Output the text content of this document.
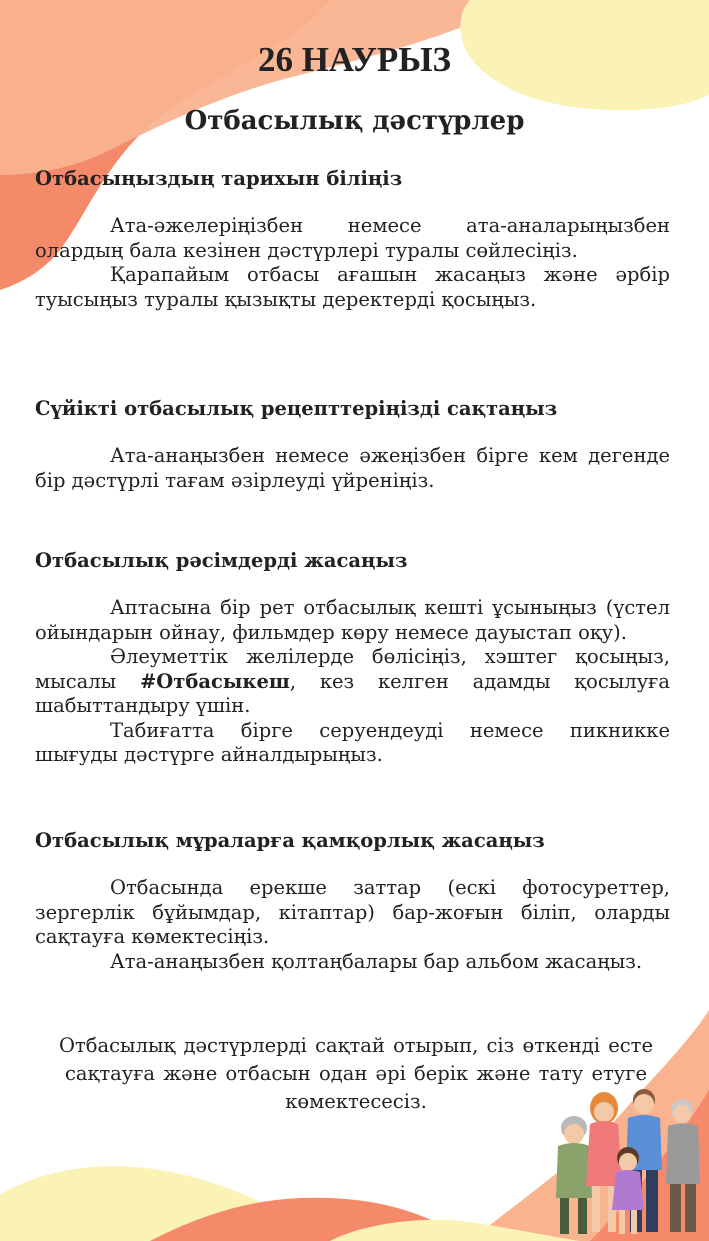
26 НАУРЫЗ
Отбасылық дәстүрлер
Отбасыңыздың тарихын біліңіз

Ата-әжелеріңізбен немесе ата-аналарыңызбен олардың бала кезінен дәстүрлері туралы сөйлесіңіз.

Қарапайым отбасы ағашын жасаңыз және әрбір туысыңыз туралы қызықты деректерді қосыңыз.

Сүйікті отбасылық рецепттеріңізді сақтаңыз

Ата-анаңызбен немесе әжеңізбен бірге кем дегенде бір дәстүрлі тағам әзірлеуді үйреніңіз.

Отбасылық рәсімдерді жасаңыз

Аптасына бір рет отбасылық кешті ұсыныңыз (үстел ойындарын ойнау, фильмдер көру немесе дауыстап оқу).

Әлеуметтік желілерде бөлісіңіз, хэштег қосыңыз, мысалы #Отбасыкеш, кез келген адамды қосылуға шабыттандыру үшін.

Табиғатта бірге серуендеуді немесе пикникке шығуды дәстүрге айналдырыңыз.

Отбасылық мұраларға қамқорлық жасаңыз

Отбасында ерекше заттар (ескі фотосуреттер, зергерлік бұйымдар, кітаптар) бар-жоғын біліп, оларды сақтауға көмектесіңіз.

Ата-анаңызбен қолтаңбалары бар альбом жасаңыз.

Отбасылық дәстүрлерді сақтай отырып, сіз өткенді есте сақтауға және отбасын одан әрі берік және тату етуге көмектесесіз.
